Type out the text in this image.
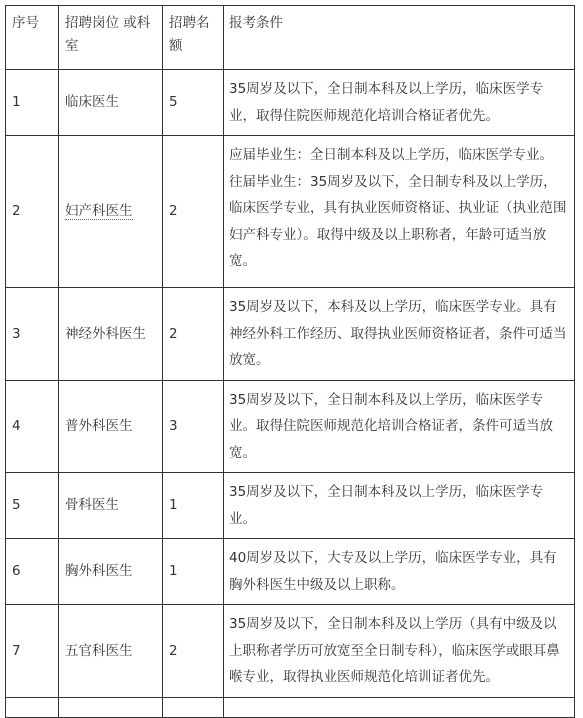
序号	招聘岗位 或科室	招聘名额	报考条件
1	临床医生	5	35周岁及以下，全日制本科及以上学历，临床医学专业，取得住院医师规范化培训合格证者优先。
2	妇产科医生	2	应届毕业生：全日制本科及以上学历，临床医学专业。
往届毕业生：35周岁及以下，全日制专科及以上学历，临床医学专业，具有执业医师资格证、执业证（执业范围妇产科专业）。取得中级及以上职称者，年龄可适当放宽。

3	神经外科医生	2	35周岁及以下，本科及以上学历，临床医学专业。具有神经外科工作经历、取得执业医师资格证者，条件可适当放宽。
4	普外科医生	3	35周岁及以下，全日制本科及以上学历，临床医学专业。取得住院医师规范化培训合格证者，条件可适当放宽。
5	骨科医生	1	35周岁及以下，全日制本科及以上学历，临床医学专业。
6	胸外科医生	1	40周岁及以下，大专及以上学历，临床医学专业，具有胸外科医生中级及以上职称。
7	五官科医生	2	35周岁及以下，全日制本科及以上学历（具有中级及以上职称者学历可放宽至全日制专科），临床医学或眼耳鼻喉专业，取得执业医师规范化培训证者优先。
